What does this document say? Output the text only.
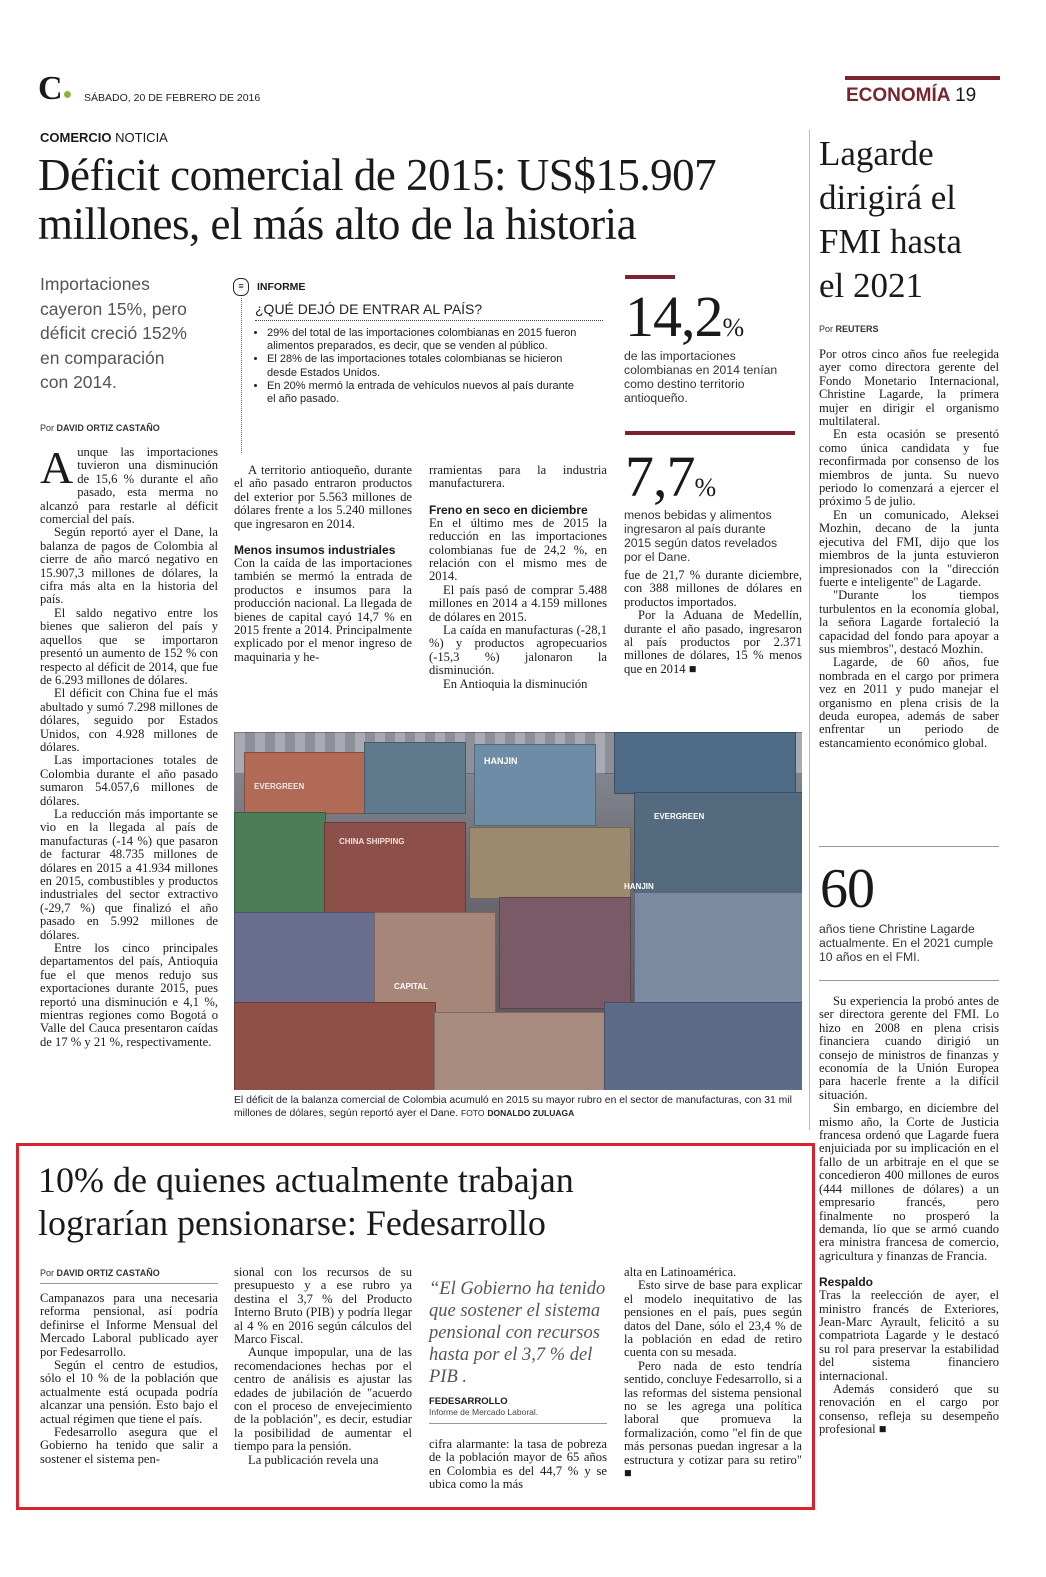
C● SÁBADO, 20 DE FEBRERO DE 2016	ECONOMÍA 19
COMERCIO NOTICIA
Déficit comercial de 2015: US$15.907
millones, el más alto de la historia
Importaciones
cayeron 15%, pero
déficit creció 152%
en comparación
con 2014.
Por DAVID ORTIZ CASTAÑO

Aunque las importaciones tuvieron una disminución de 15,6 % durante el año pasado, esta merma no alcanzó para restarle al déficit comercial del país.

Según reportó ayer el Dane, la balanza de pagos de Colombia al cierre de año marcó negativo en 15.907,3 millones de dólares, la cifra más alta en la historia del país.

El saldo negativo entre los bienes que salieron del país y aquellos que se importaron presentó un aumento de 152 % con respecto al déficit de 2014, que fue de 6.293 millones de dólares.

El déficit con China fue el más abultado y sumó 7.298 millones de dólares, seguido por Estados Unidos, con 4.928 millones de dólares.

Las importaciones totales de Colombia durante el año pasado sumaron 54.057,6 millones de dólares.

La reducción más importante se vio en la llegada al país de manufacturas (-14 %) que pasaron de facturar 48.735 millones de dólares en 2015 a 41.934 millones en 2015, combustibles y productos industriales del sector extractivo (-29,7 %) que finalizó el año pasado en 5.992 millones de dólares.

Entre los cinco principales departamentos del país, Antioquia fue el que menos redujo sus exportaciones durante 2015, pues reportó una disminución e 4,1 %, mientras regiones como Bogotá o Valle del Cauca presentaron caídas de 17 % y 21 %, respectivamente.

≡	INFORME
¿QUÉ DEJÓ DE ENTRAR AL PAÍS?
• 29% del total de las importaciones colombianas en 2015 fueron alimentos preparados, es decir, que se venden al público.
• El 28% de las importaciones totales colombianas se hicieron desde Estados Unidos.
• En 20% mermó la entrada de vehículos nuevos al país durante el año pasado.

A territorio antioqueño, durante el año pasado entraron productos del exterior por 5.563 millones de dólares frente a los 5.240 millones que ingresaron en 2014.

Menos insumos industriales

Con la caída de las importaciones también se mermó la entrada de productos e insumos para la producción nacional. La llegada de bienes de capital cayó 14,7 % en 2015 frente a 2014. Principalmente explicado por el menor ingreso de maquinaria y he-

rramientas para la industria manufacturera.

Freno en seco en diciembre

En el último mes de 2015 la reducción en las importaciones colombianas fue de 24,2 %, en relación con el mismo mes de 2014.

El país pasó de comprar 5.488 millones en 2014 a 4.159 millones de dólares en 2015.

La caída en manufacturas (-28,1 %) y productos agropecuarios (-15,3 %) jalonaron la disminución.

En Antioquia la disminución

14,2%
de las importaciones colombianas en 2014 tenían como destino territorio antioqueño.
7,7%
menos bebidas y alimentos ingresaron al país durante 2015 según datos revelados por el Dane.

fue de 21,7 % durante diciembre, con 388 millones de dólares en productos importados.

Por la Aduana de Medellín, durante el año pasado, ingresaron al país productos por 2.371 millones de dólares, 15 % menos que en 2014 ■

EVERGREEN
HANJIN
EVERGREEN
CHINA SHIPPING
CAPITAL
HANJIN
El déficit de la balanza comercial de Colombia acumuló en 2015 su mayor rubro en el sector de manufacturas, con 31 mil millones de dólares, según reportó ayer el Dane. FOTO DONALDO ZULUAGA
Lagarde
dirigirá el
FMI hasta
el 2021
Por REUTERS

Por otros cinco años fue reelegida ayer como directora gerente del Fondo Monetario Internacional, Christine Lagarde, la primera mujer en dirigir el organismo multilateral.

En esta ocasión se presentó como única candidata y fue reconfirmada por consenso de los miembros de junta. Su nuevo periodo lo comenzará a ejercer el próximo 5 de julio.

En un comunicado, Aleksei Mozhin, decano de la junta ejecutiva del FMI, dijo que los miembros de la junta estuvieron impresionados con la "dirección fuerte e inteligente" de Lagarde.

"Durante los tiempos turbulentos en la economía global, la señora Lagarde fortaleció la capacidad del fondo para apoyar a sus miembros", destacó Mozhin.

Lagarde, de 60 años, fue nombrada en el cargo por primera vez en 2011 y pudo manejar el organismo en plena crisis de la deuda europea, además de saber enfrentar un periodo de estancamiento económico global.

60
años tiene Christine Lagarde actualmente. En el 2021 cumple 10 años en el FMI.

Su experiencia la probó antes de ser directora gerente del FMI. Lo hizo en 2008 en plena crisis financiera cuando dirigió un consejo de ministros de finanzas y economía de la Unión Europea para hacerle frente a la difícil situación.

Sin embargo, en diciembre del mismo año, la Corte de Justicia francesa ordenó que Lagarde fuera enjuiciada por su implicación en el fallo de un arbitraje en el que se concedieron 400 millones de euros (444 millones de dólares) a un empresario francés, pero finalmente no prosperó la demanda, lío que se armó cuando era ministra francesa de comercio, agricultura y finanzas de Francia.

Respaldo

Tras la reelección de ayer, el ministro francés de Exteriores, Jean-Marc Ayrault, felicitó a su compatriota Lagarde y le destacó su rol para preservar la estabilidad del sistema financiero internacional.

Además consideró que su renovación en el cargo por consenso, refleja su desempeño profesional ■

10% de quienes actualmente trabajan
lograrían pensionarse: Fedesarrollo
Por DAVID ORTIZ CASTAÑO

Campanazos para una necesaria reforma pensional, así podría definirse el Informe Mensual del Mercado Laboral publicado ayer por Fedesarrollo.

Según el centro de estudios, sólo el 10 % de la población que actualmente está ocupada podría alcanzar una pensión. Esto bajo el actual régimen que tiene el país.

Fedesarrollo asegura que el Gobierno ha tenido que salir a sostener el sistema pen-

sional con los recursos de su presupuesto y a ese rubro ya destina el 3,7 % del Producto Interno Bruto (PIB) y podría llegar al 4 % en 2016 según cálculos del Marco Fiscal.

Aunque impopular, una de las recomendaciones hechas por el centro de análisis es ajustar las edades de jubilación de "acuerdo con el proceso de envejecimiento de la población", es decir, estudiar la posibilidad de aumentar el tiempo para la pensión.

La publicación revela una

“El Gobierno ha tenido que sostener el sistema pensional con recursos hasta por el 3,7 % del PIB .
FEDESARROLLO
Informe de Mercado Laboral.

cifra alarmante: la tasa de pobreza de la población mayor de 65 años en Colombia es del 44,7 % y se ubica como la más

alta en Latinoamérica.

Esto sirve de base para explicar el modelo inequitativo de las pensiones en el país, pues según datos del Dane, sólo el 23,4 % de la población en edad de retiro cuenta con su mesada.

Pero nada de esto tendría sentido, concluye Fedesarrollo, si a las reformas del sistema pensional no se les agrega una política laboral que promueva la formalización, como "el fin de que más personas puedan ingresar a la estructura y cotizar para su retiro" ■
